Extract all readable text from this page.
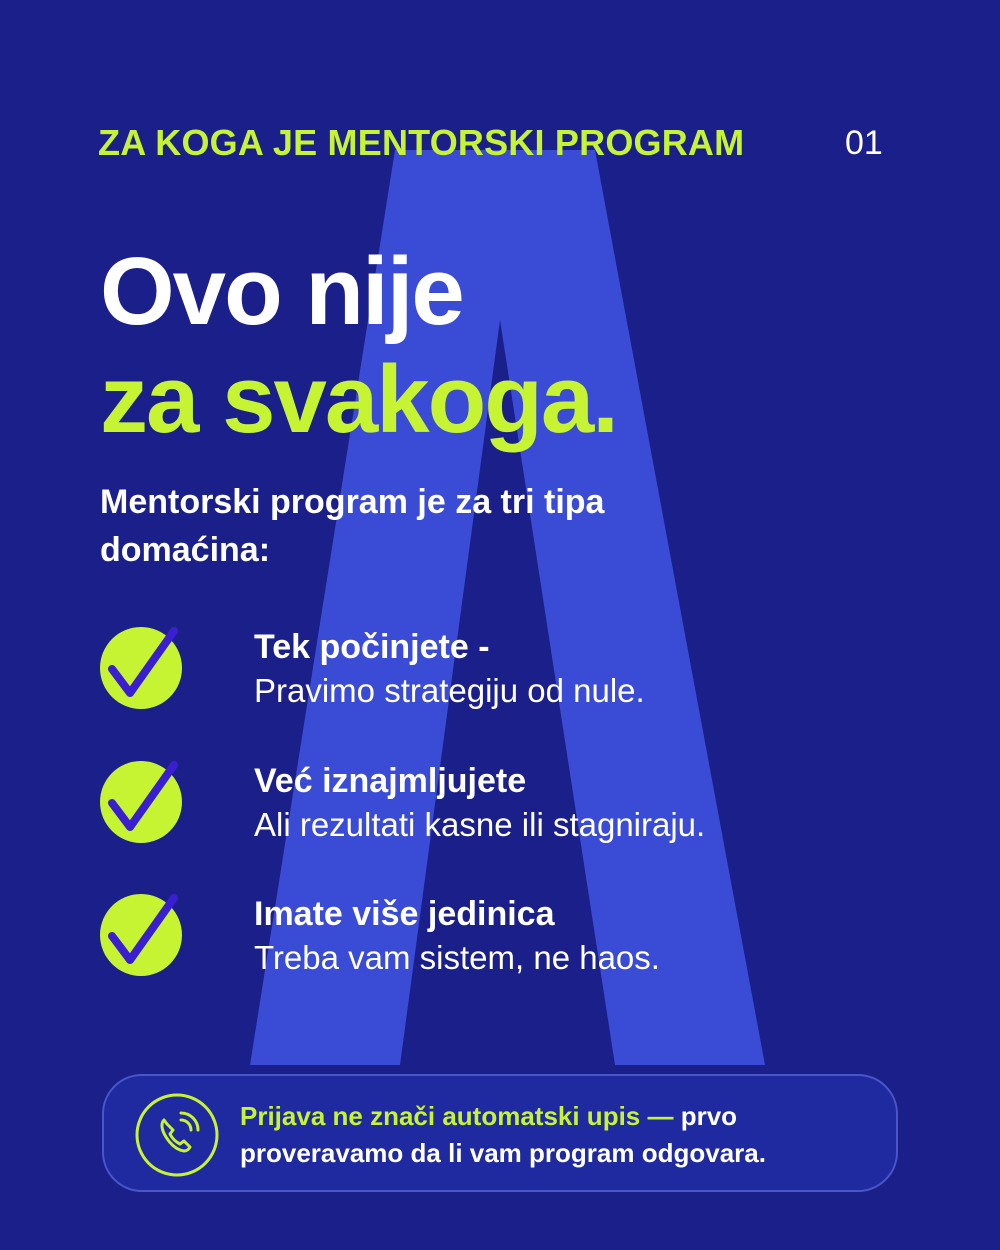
ZA KOGA JE MENTORSKI PROGRAM	01
Ovo nije
za svakoga.

Mentorski program je za tri tipa domaćina:

Tek počinjete -
Pravimo strategiju od nule.
Već iznajmljujete
Ali rezultati kasne ili stagniraju.
Imate više jedinica
Treba vam sistem, ne haos.

Prijava ne znači automatski upis — prvo proveravamo da li vam program odgovara.
